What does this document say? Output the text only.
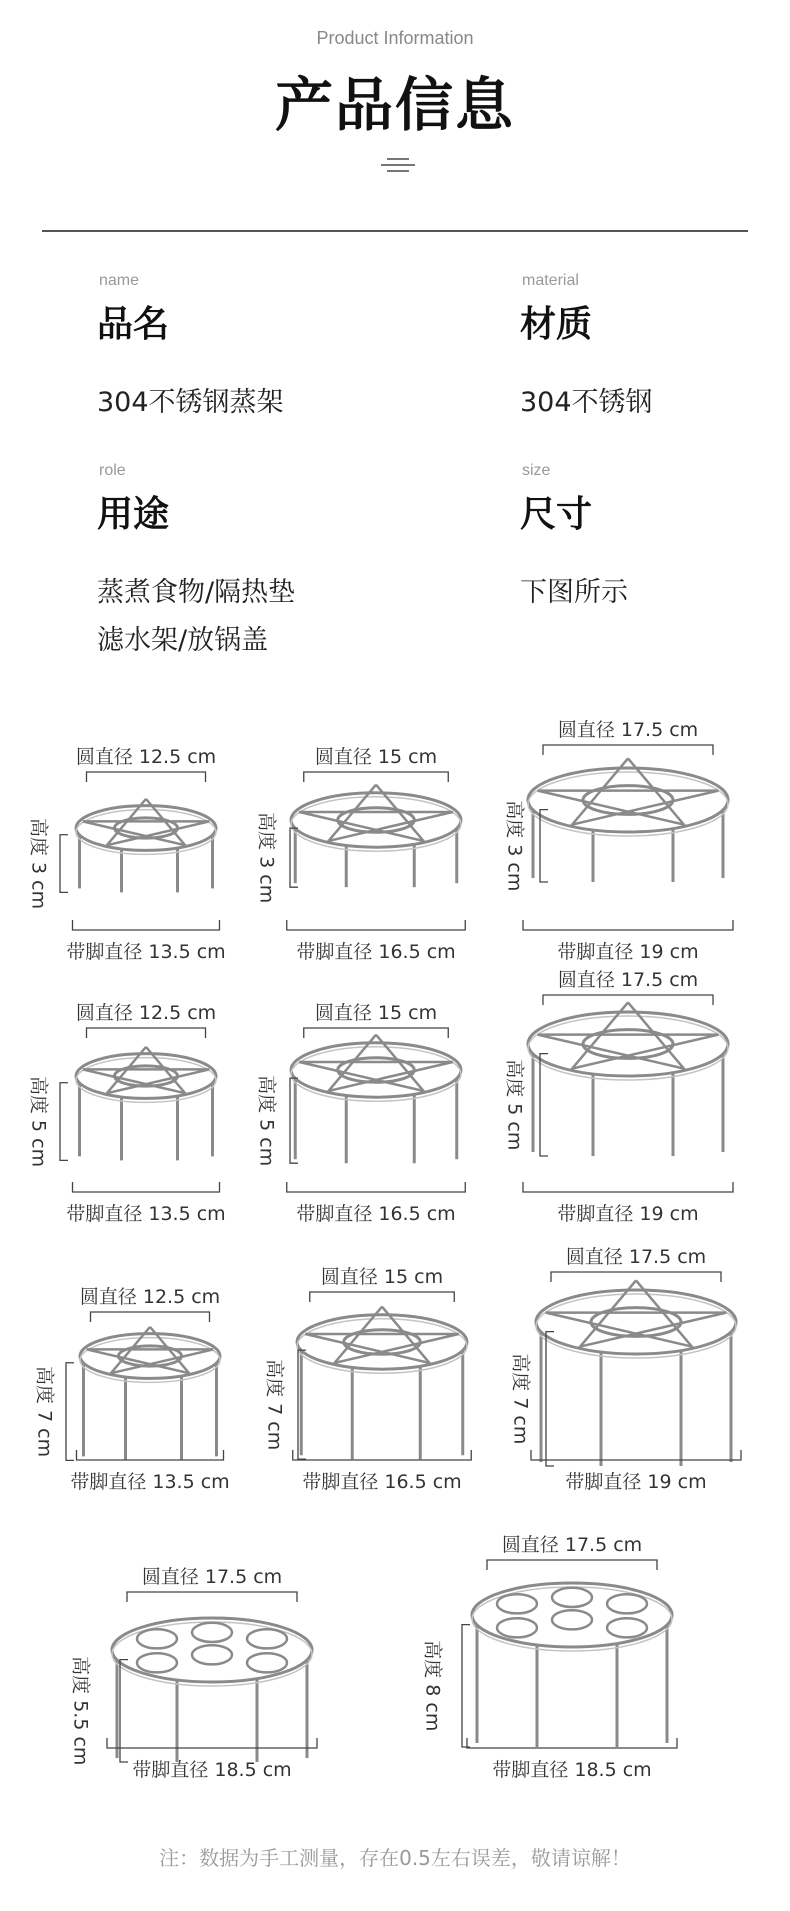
Product Information
产品信息
name
品名
304不锈钢蒸架
material
材质
304不锈钢
role
用途
蒸煮食物/隔热垫
滤水架/放锅盖
size
尺寸
下图所示
圆直径 12.5 cm
带脚直径 13.5 cm
高度 3 cm
圆直径 15 cm
带脚直径 16.5 cm
高度 3 cm
圆直径 17.5 cm
带脚直径 19 cm
高度 3 cm
圆直径 12.5 cm
带脚直径 13.5 cm
高度 5 cm
圆直径 15 cm
带脚直径 16.5 cm
高度 5 cm
圆直径 17.5 cm
带脚直径 19 cm
高度 5 cm
圆直径 12.5 cm
带脚直径 13.5 cm
高度 7 cm
圆直径 15 cm
带脚直径 16.5 cm
高度 7 cm
圆直径 17.5 cm
带脚直径 19 cm
高度 7 cm
圆直径 17.5 cm
带脚直径 18.5 cm
高度 5.5 cm
圆直径 17.5 cm
带脚直径 18.5 cm
高度 8 cm
注：数据为手工测量，存在0.5左右误差，敬请谅解！
